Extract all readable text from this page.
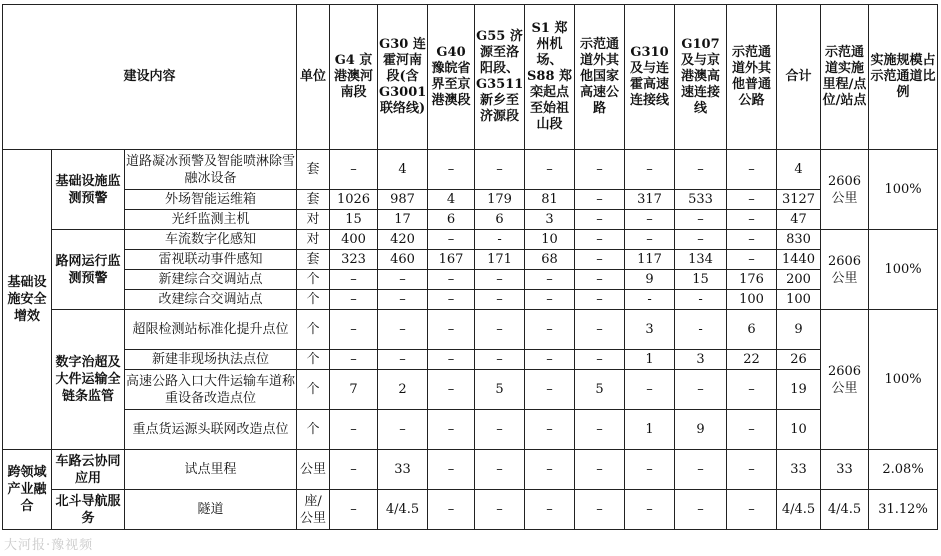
建设内容			单位	G4 京港澳河南段	G30 连霍河南段(含G3001联络线)	G40 豫皖省界至京港澳段	G55 济源至洛阳段、G3511 新乡至济源段	S1 郑州机场、S88 郑栾起点至始祖山段	示范通道外其他国家高速公路	G310 及与连霍高速连接线	G107 及与京港澳高速连接线	示范通道外其他普通公路	合计	示范通道实施里程/点位/站点	实施规模占示范通道比例
基础设施安全增效	基础设施监测预警	道路凝冰预警及智能喷淋除雪融冰设备	套	–	4	–	–	–	–	–	–	–	4	2606公里	100%
		外场智能运维箱	套	1026	987	4	179	81	–	317	533	–	3127		
		光纤监测主机	对	15	17	6	6	3	–	–	–	–	47		
	路网运行监测预警	车流数字化感知	对	400	420	–	-	10	–	–	–	–	830	2606公里	100%
		雷视联动事件感知	套	323	460	167	171	68	–	117	134	–	1440		
		新建综合交调站点	个	–	–	–	–	–	–	9	15	176	200		
		改建综合交调站点	个	–	–	–	–	–	–	-	-	100	100		
	数字治超及大件运输全链条监管	超限检测站标准化提升点位	个	–	–	–	–	–	–	3	-	6	9	2606公里	100%
		新建非现场执法点位	个	–	–	–	–	–	–	1	3	22	26		
		高速公路入口大件运输车道称重设备改造点位	个	7	2	–	5	–	5	–	–	–	19		
		重点货运源头联网改造点位	个	–	–	–	–	–	–	1	9	–	10		
跨领域产业融合	车路云协同应用	试点里程	公里	–	33	–	–	–	–	–	–	–	33	33	2.08%
	北斗导航服务	隧道	座/公里	–	4/4.5	–	–	–	–	–	–	–	4/4.5	4/4.5	31.12%
大河报·豫视频
